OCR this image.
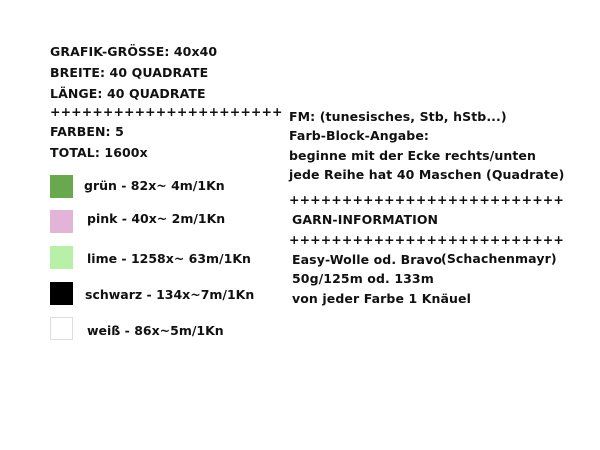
GRAFIK-GRÖSSE: 40x40
BREITE: 40 QUADRATE
LÄNGE: 40 QUADRATE
++++++++++++++++++++++
FARBEN: 5
TOTAL: 1600x
grün - 82x~ 4m/1Kn
pink - 40x~ 2m/1Kn
lime - 1258x~ 63m/1Kn
schwarz - 134x~7m/1Kn
weiß - 86x~5m/1Kn
FM: (tunesisches, Stb, hStb...)
Farb-Block-Angabe:
beginne mit der Ecke rechts/unten
jede Reihe hat 40 Maschen (Quadrate)
++++++++++++++++++++++++++
GARN-INFORMATION
++++++++++++++++++++++++++
Easy-Wolle od. Bravo
(Schachenmayr)
50g/125m od. 133m
von jeder Farbe 1 Knäuel
